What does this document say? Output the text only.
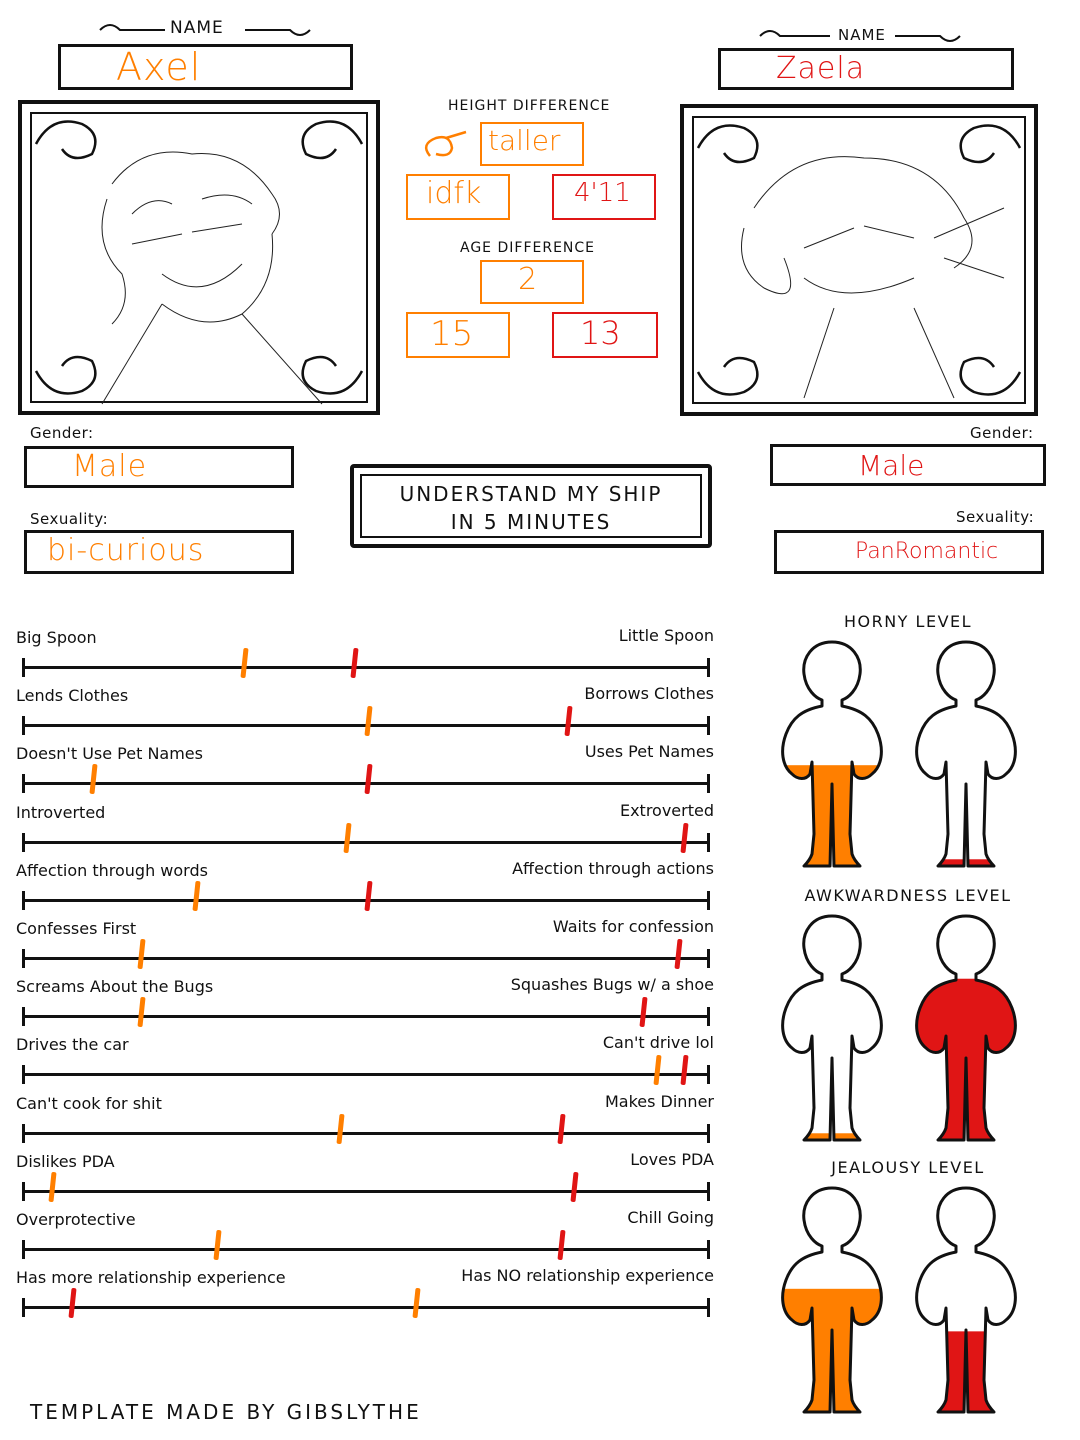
NAME
Axel
Gender:
Male
Sexuality:
bi-curious
HEIGHT DIFFERENCE
taller
idfk	4'11
AGE DIFFERENCE
2
15	13
UNDERSTAND MY SHIP
IN 5 MINUTES
NAME
Zaela
Gender:
Male
Sexuality:
PanRomantic
Big Spoon	Little Spoon
Lends Clothes	Borrows Clothes
Doesn't Use Pet Names	Uses Pet Names
Introverted	Extroverted
Affection through words	Affection through actions
Confesses First	Waits for confession
Screams About the Bugs	Squashes Bugs w/ a shoe
Drives the car	Can't drive lol
Can't cook for shit	Makes Dinner
Dislikes PDA	Loves PDA
Overprotective	Chill Going
Has more relationship experience	Has NO relationship experience
HORNY LEVEL
AWKWARDNESS LEVEL
JEALOUSY LEVEL
TEMPLATE MADE BY GIBSLYTHE
